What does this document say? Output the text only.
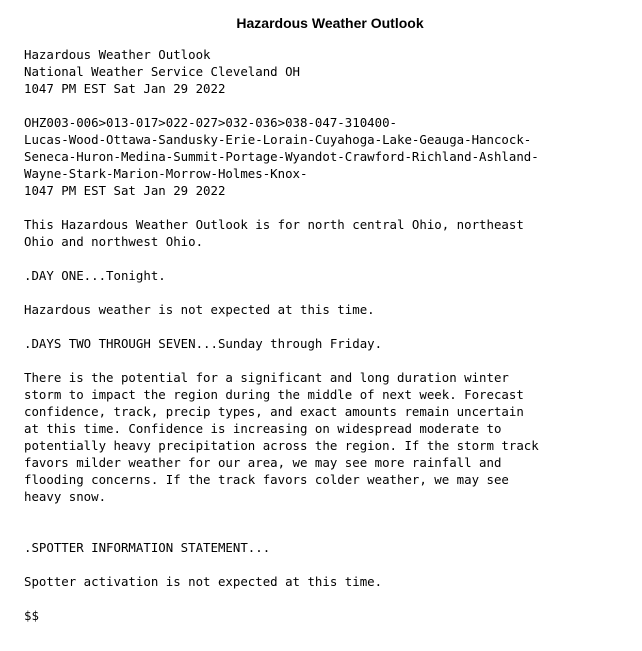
Hazardous Weather Outlook
Hazardous Weather Outlook
National Weather Service Cleveland OH
1047 PM EST Sat Jan 29 2022

OHZ003-006>013-017>022-027>032-036>038-047-310400-
Lucas-Wood-Ottawa-Sandusky-Erie-Lorain-Cuyahoga-Lake-Geauga-Hancock-
Seneca-Huron-Medina-Summit-Portage-Wyandot-Crawford-Richland-Ashland-
Wayne-Stark-Marion-Morrow-Holmes-Knox-
1047 PM EST Sat Jan 29 2022

This Hazardous Weather Outlook is for north central Ohio, northeast
Ohio and northwest Ohio.

.DAY ONE...Tonight.

Hazardous weather is not expected at this time.

.DAYS TWO THROUGH SEVEN...Sunday through Friday.

There is the potential for a significant and long duration winter
storm to impact the region during the middle of next week. Forecast
confidence, track, precip types, and exact amounts remain uncertain
at this time. Confidence is increasing on widespread moderate to
potentially heavy precipitation across the region. If the storm track
favors milder weather for our area, we may see more rainfall and
flooding concerns. If the track favors colder weather, we may see
heavy snow.

.SPOTTER INFORMATION STATEMENT...

Spotter activation is not expected at this time.

$$
